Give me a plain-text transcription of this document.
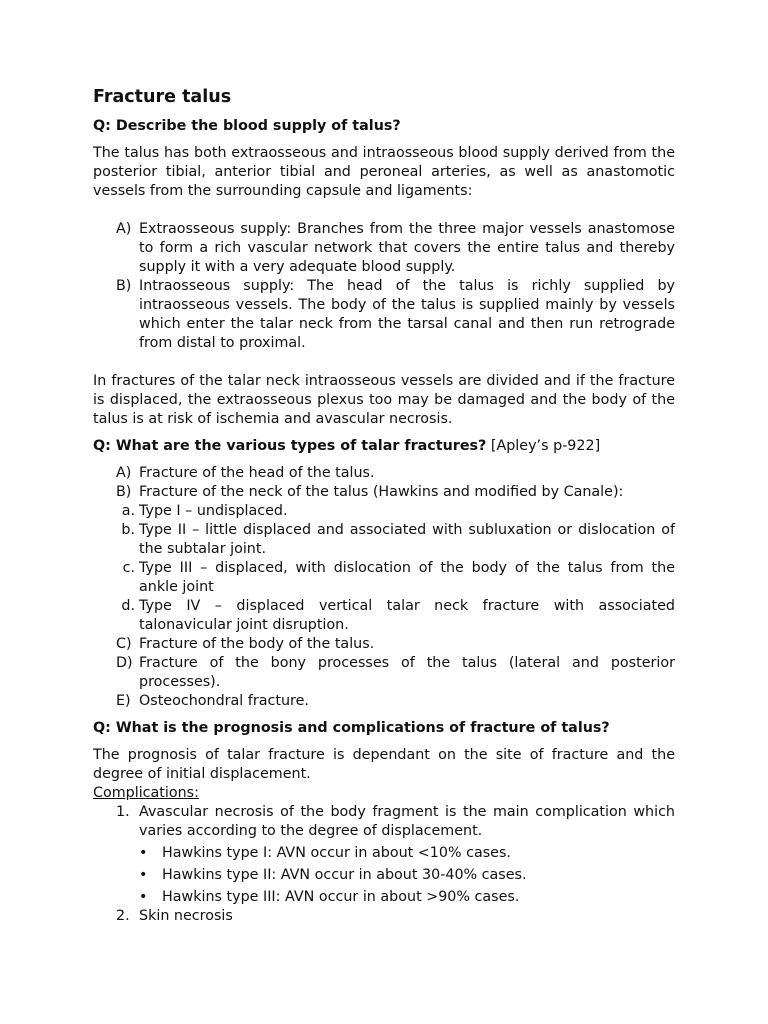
Fracture talus
Q: Describe the blood supply of talus?

The talus has both extraosseous and intraosseous blood supply derived from the posterior tibial, anterior tibial and peroneal arteries, as well as anastomotic vessels from the surrounding capsule and ligaments:

A) Extraosseous supply: Branches from the three major vessels anastomose to form a rich vascular network that covers the entire talus and thereby supply it with a very adequate blood supply.
B) Intraosseous supply: The head of the talus is richly supplied by intraosseous vessels. The body of the talus is supplied mainly by vessels which enter the talar neck from the tarsal canal and then run retrograde from distal to proximal.

In fractures of the talar neck intraosseous vessels are divided and if the fracture is displaced, the extraosseous plexus too may be damaged and the body of the talus is at risk of ischemia and avascular necrosis.

Q: What are the various types of talar fractures? [Apley’s p-922]
A) Fracture of the head of the talus.
B) Fracture of the neck of the talus (Hawkins and modified by Canale):
a. Type I – undisplaced.
b. Type II – little displaced and associated with subluxation or dislocation of the subtalar joint.
c. Type III – displaced, with dislocation of the body of the talus from the ankle joint
d. Type IV – displaced vertical talar neck fracture with associated talonavicular joint disruption.
C) Fracture of the body of the talus.
D) Fracture of the bony processes of the talus (lateral and posterior processes).
E) Osteochondral fracture.
Q: What is the prognosis and complications of fracture of talus?

The prognosis of talar fracture is dependant on the site of fracture and the degree of initial displacement.

Complications:
1. Avascular necrosis of the body fragment is the main complication which varies according to the degree of displacement.
• Hawkins type I: AVN occur in about <10% cases.
• Hawkins type II: AVN occur in about 30-40% cases.
• Hawkins type III: AVN occur in about >90% cases.
2. Skin necrosis
